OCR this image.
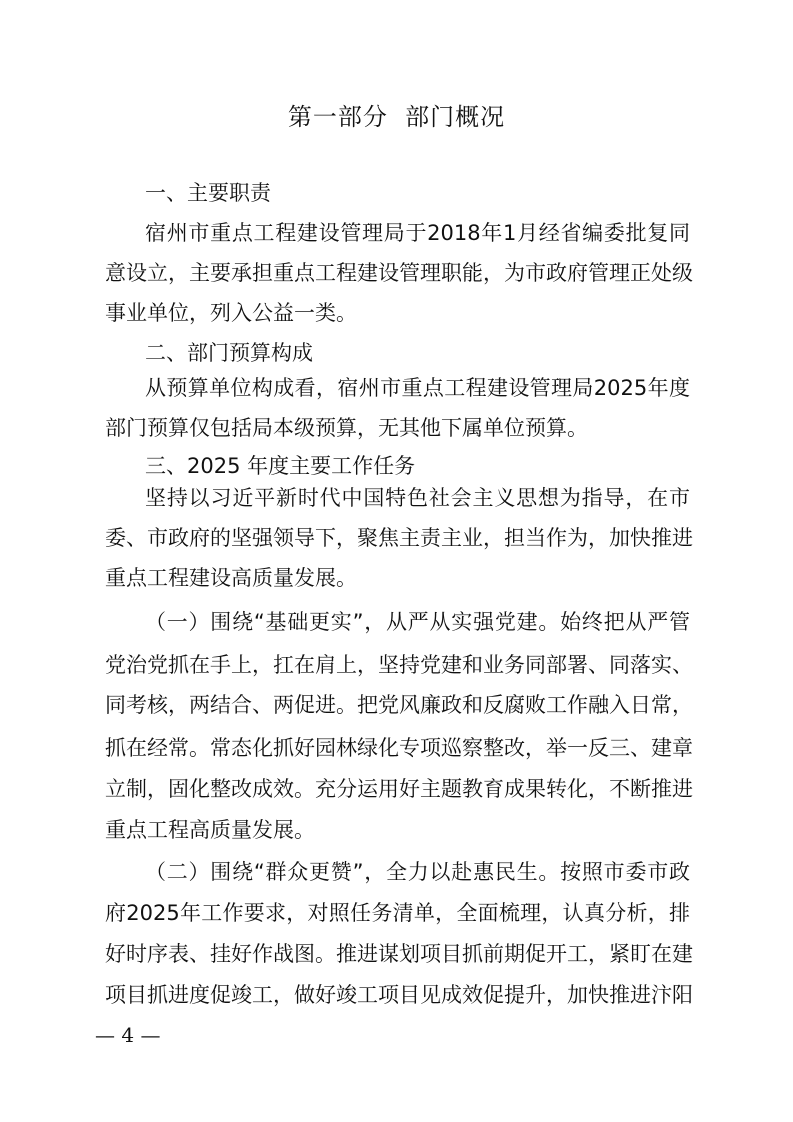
第一部分  部门概况
一、主要职责
宿州市重点工程建设管理局于2018年1月经省编委批复同
意设立，主要承担重点工程建设管理职能，为市政府管理正处级
事业单位，列入公益一类。
二、部门预算构成
从预算单位构成看，宿州市重点工程建设管理局2025年度
部门预算仅包括局本级预算，无其他下属单位预算。
三、2025 年度主要工作任务
坚持以习近平新时代中国特色社会主义思想为指导，在市
委、市政府的坚强领导下，聚焦主责主业，担当作为，加快推进
重点工程建设高质量发展。
（一）围绕“基础更实”，从严从实强党建。始终把从严管
党治党抓在手上，扛在肩上，坚持党建和业务同部署、同落实、
同考核，两结合、两促进。把党风廉政和反腐败工作融入日常，
抓在经常。常态化抓好园林绿化专项巡察整改，举一反三、建章
立制，固化整改成效。充分运用好主题教育成果转化，不断推进
重点工程高质量发展。
（二）围绕“群众更赞”，全力以赴惠民生。按照市委市政
府2025年工作要求，对照任务清单，全面梳理，认真分析，排
好时序表、挂好作战图。推进谋划项目抓前期促开工，紧盯在建
项目抓进度促竣工，做好竣工项目见成效促提升，加快推进汴阳
— 4 —
